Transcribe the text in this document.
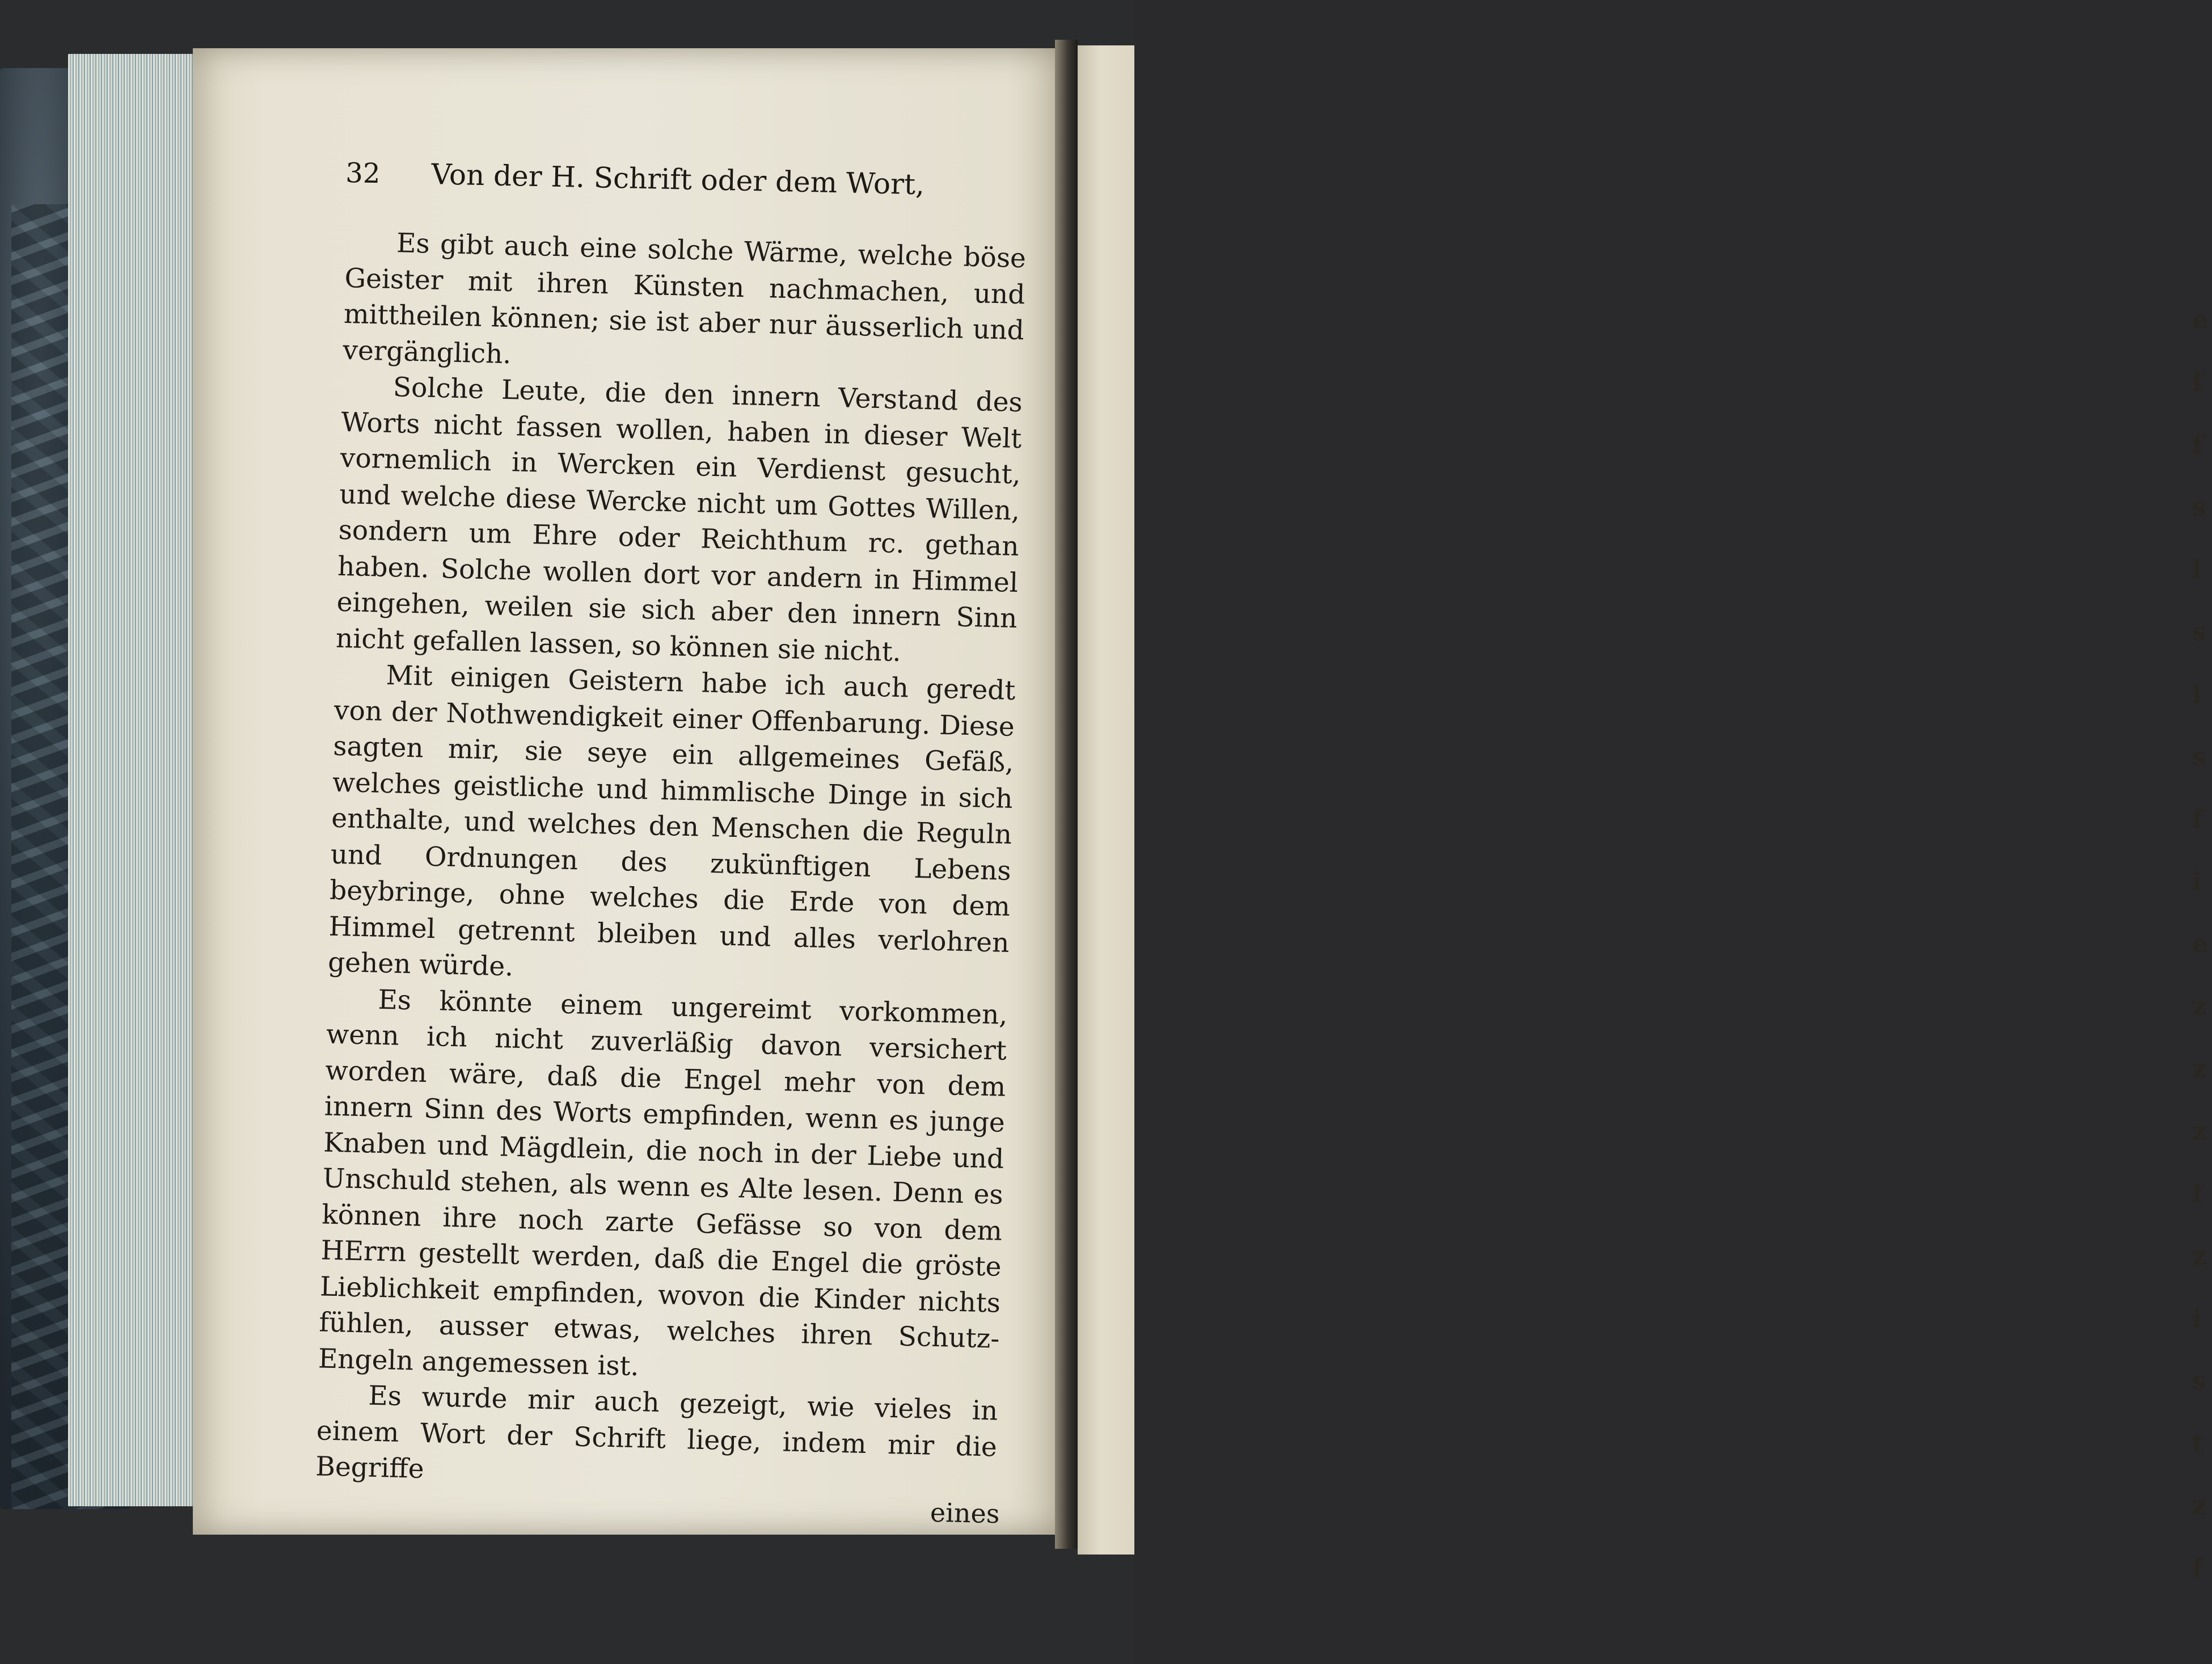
e
f
f
s
l
s
l
s
f
i
e
z
z
z
f
z
i
s
t
z
f
32 Von der H. Schrift oder dem Wort,

Es gibt auch eine solche Wärme, welche böse Geister mit ihren Künsten nachmachen, und mittheilen können; sie ist aber nur äusserlich und vergänglich.

Solche Leute, die den innern Verstand des Worts nicht fassen wollen, haben in dieser Welt vornemlich in Wercken ein Verdienst gesucht, und welche diese Wercke nicht um Gottes Willen, sondern um Ehre oder Reichthum rc. gethan haben. Solche wollen dort vor andern in Himmel eingehen, weilen sie sich aber den innern Sinn nicht gefallen lassen, so können sie nicht.

Mit einigen Geistern habe ich auch geredt von der Nothwendigkeit einer Offenbarung. Diese sagten mir, sie seye ein allgemeines Gefäß, welches geistliche und himmlische Dinge in sich enthalte, und welches den Menschen die Reguln und Ordnungen des zukünftigen Lebens beybringe, ohne welches die Erde von dem Himmel getrennt bleiben und alles verlohren gehen würde.

Es könnte einem ungereimt vorkommen, wenn ich nicht zuverläßig davon versichert worden wäre, daß die Engel mehr von dem innern Sinn des Worts empfinden, wenn es junge Knaben und Mägdlein, die noch in der Liebe und Unschuld stehen, als wenn es Alte lesen. Denn es können ihre noch zarte Gefässe so von dem HErrn gestellt werden, daß die Engel die gröste Lieblichkeit empfinden, wovon die Kinder nichts fühlen, ausser etwas, welches ihren Schutz-Engeln angemessen ist.

Es wurde mir auch gezeigt, wie vieles in einem Wort der Schrift liege, indem mir die Begriffe

eines
